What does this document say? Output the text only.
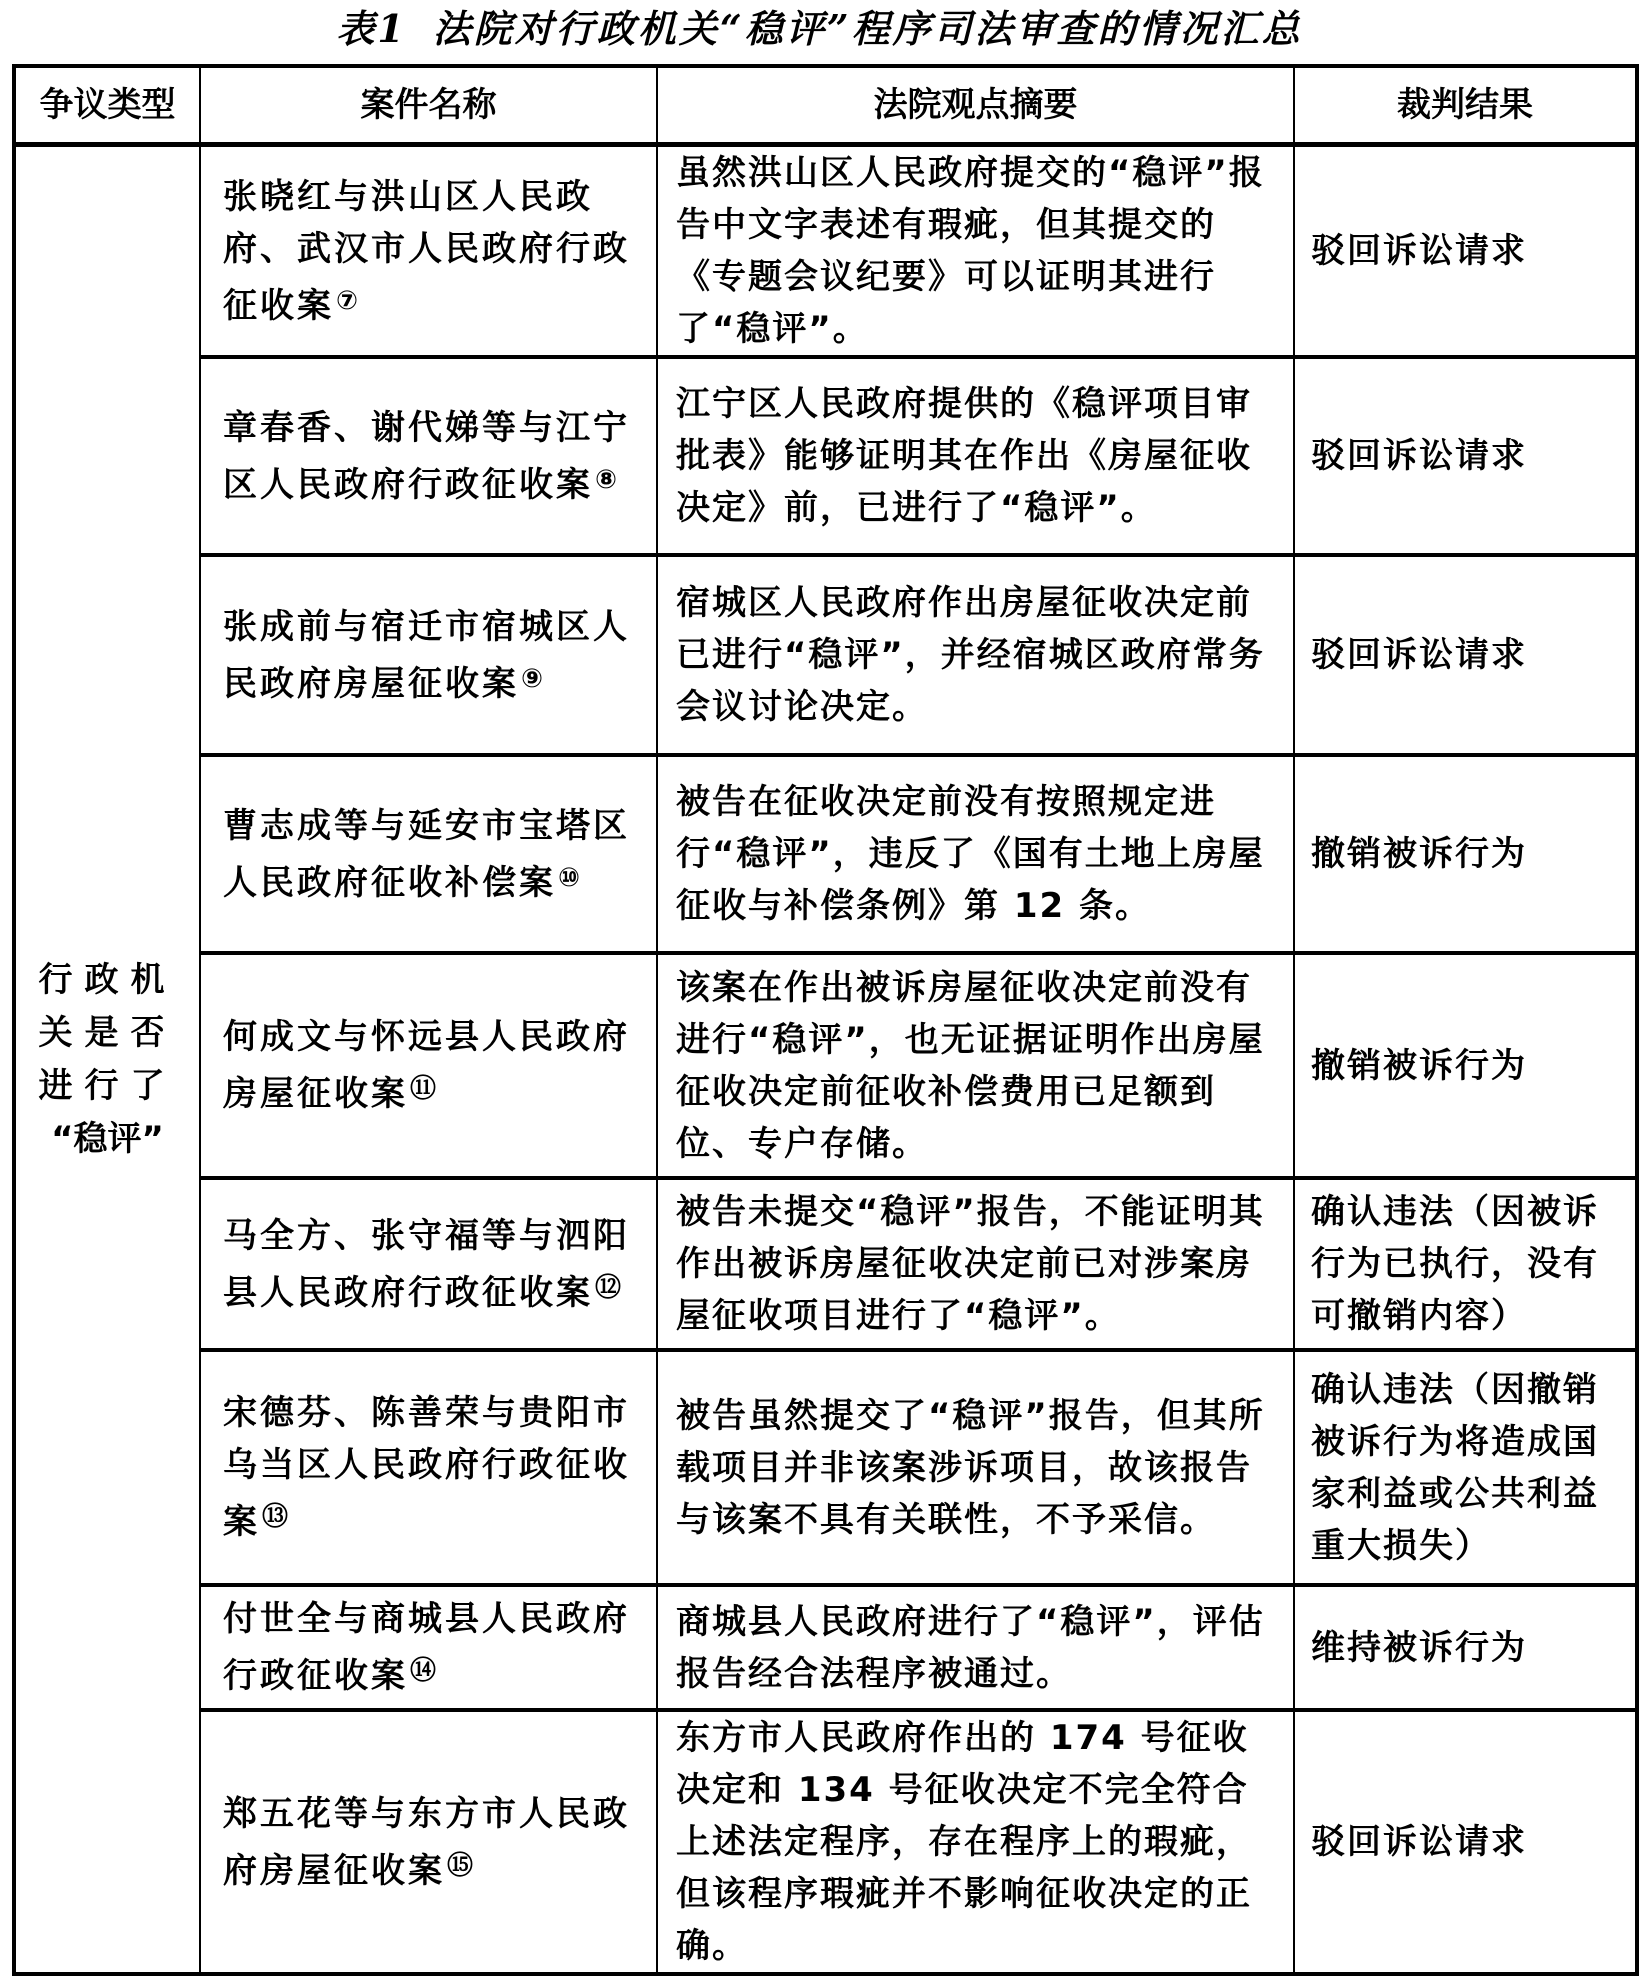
表1 法院对行政机关“稳评”程序司法审查的情况汇总
争议类型	案件名称	法院观点摘要	裁判结果

行政机
关是否
进行了
“稳评”	张晓红与洪山区人民政府、武汉市人民政府行政征收案⑦	虽然洪山区人民政府提交的“稳评”报告中文字表述有瑕疵，但其提交的《专题会议纪要》可以证明其进行了“稳评”。	驳回诉讼请求
	章春香、谢代娣等与江宁区人民政府行政征收案⑧	江宁区人民政府提供的《稳评项目审批表》能够证明其在作出《房屋征收决定》前，已进行了“稳评”。	驳回诉讼请求
	张成前与宿迁市宿城区人民政府房屋征收案⑨	宿城区人民政府作出房屋征收决定前已进行“稳评”，并经宿城区政府常务会议讨论决定。	驳回诉讼请求
	曹志成等与延安市宝塔区人民政府征收补偿案⑩	被告在征收决定前没有按照规定进行“稳评”，违反了《国有土地上房屋征收与补偿条例》第 12 条。	撤销被诉行为
	何成文与怀远县人民政府房屋征收案⑪	该案在作出被诉房屋征收决定前没有进行“稳评”，也无证据证明作出房屋征收决定前征收补偿费用已足额到位、专户存储。	撤销被诉行为
	马全方、张守福等与泗阳县人民政府行政征收案⑫	被告未提交“稳评”报告，不能证明其作出被诉房屋征收决定前已对涉案房屋征收项目进行了“稳评”。	确认违法（因被诉行为已执行，没有可撤销内容）
	宋德芬、陈善荣与贵阳市乌当区人民政府行政征收案⑬	被告虽然提交了“稳评”报告，但其所载项目并非该案涉诉项目，故该报告与该案不具有关联性，不予采信。	确认违法（因撤销被诉行为将造成国家利益或公共利益重大损失）
	付世全与商城县人民政府行政征收案⑭	商城县人民政府进行了“稳评”，评估报告经合法程序被通过。	维持被诉行为
	郑五花等与东方市人民政府房屋征收案⑮	东方市人民政府作出的 174 号征收决定和 134 号征收决定不完全符合上述法定程序，存在程序上的瑕疵，但该程序瑕疵并不影响征收决定的正确。	驳回诉讼请求
